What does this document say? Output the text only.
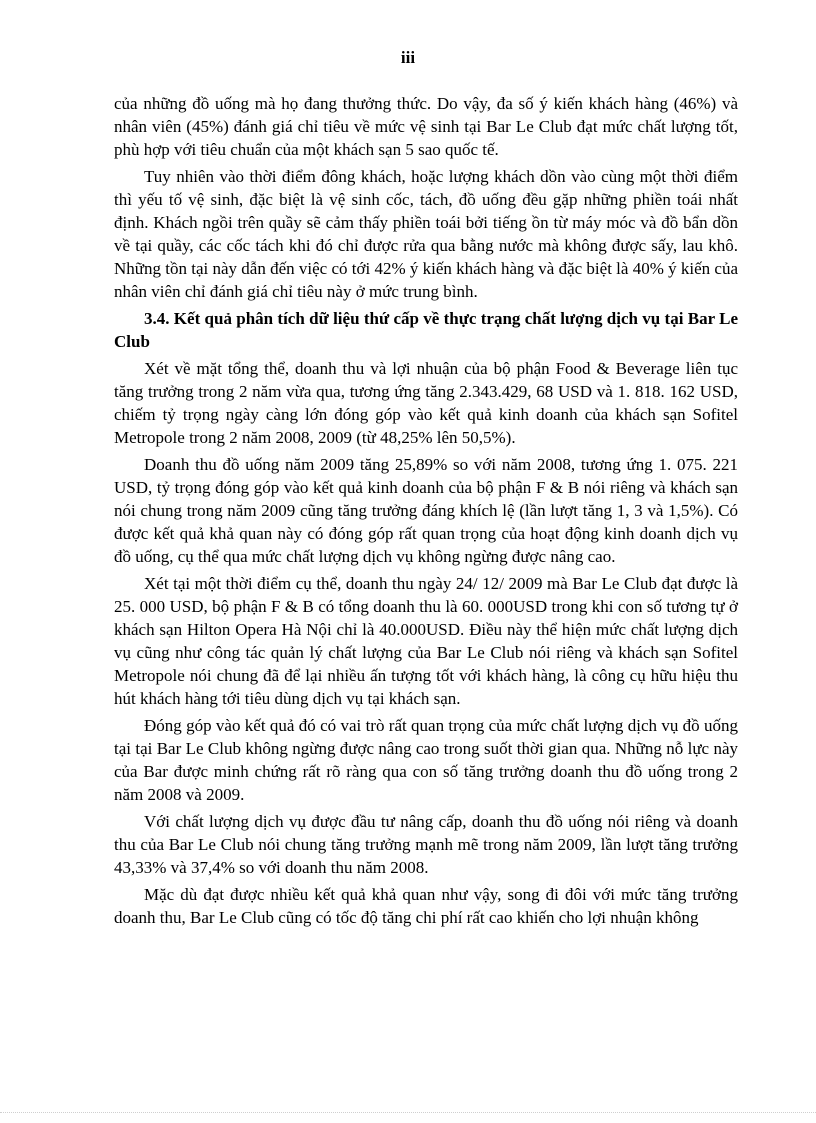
iii

của những đồ uống mà họ đang thưởng thức. Do vậy, đa số ý kiến khách hàng (46%) và nhân viên (45%) đánh giá chỉ tiêu về mức vệ sinh tại Bar Le Club đạt mức chất lượng tốt, phù hợp với tiêu chuẩn của một khách sạn 5 sao quốc tế.

Tuy nhiên vào thời điểm đông khách, hoặc lượng khách dồn vào cùng một thời điểm thì yếu tố vệ sinh, đặc biệt là vệ sinh cốc, tách, đồ uống đều gặp những phiền toái nhất định. Khách ngồi trên quầy sẽ cảm thấy phiền toái bởi tiếng ồn từ máy móc và đồ bẩn dồn về tại quầy, các cốc tách khi đó chỉ được rửa qua bằng nước mà không được sấy, lau khô. Những tồn tại này dẫn đến việc có tới 42% ý kiến khách hàng và đặc biệt là 40% ý kiến của nhân viên chỉ đánh giá chỉ tiêu này ở mức trung bình.

3.4. Kết quả phân tích dữ liệu thứ cấp về thực trạng chất lượng dịch vụ tại Bar Le Club

Xét về mặt tổng thể, doanh thu và lợi nhuận của bộ phận Food & Beverage liên tục tăng trưởng trong 2 năm vừa qua, tương ứng tăng 2.343.429, 68 USD và 1. 818. 162 USD, chiếm tỷ trọng ngày càng lớn đóng góp vào kết quả kinh doanh của khách sạn Sofitel Metropole trong 2 năm 2008, 2009 (từ 48,25% lên 50,5%).

Doanh thu đồ uống năm 2009 tăng 25,89% so với năm 2008, tương ứng 1. 075. 221 USD, tỷ trọng đóng góp vào kết quả kinh doanh của bộ phận F & B nói riêng và khách sạn nói chung trong năm 2009 cũng tăng trưởng đáng khích lệ (lần lượt tăng 1, 3 và 1,5%). Có được kết quả khả quan này có đóng góp rất quan trọng của hoạt động kinh doanh dịch vụ đồ uống, cụ thể qua mức chất lượng dịch vụ không ngừng được nâng cao.

Xét tại một thời điểm cụ thể, doanh thu ngày 24/ 12/ 2009 mà Bar Le Club đạt được là 25. 000 USD, bộ phận F & B có tổng doanh thu là 60. 000USD trong khi con số tương tự ở khách sạn Hilton Opera Hà Nội chỉ là 40.000USD. Điều này thể hiện mức chất lượng dịch vụ cũng như công tác quản lý chất lượng của Bar Le Club nói riêng và khách sạn Sofitel Metropole nói chung đã để lại nhiều ấn tượng tốt với khách hàng, là công cụ hữu hiệu thu hút khách hàng tới tiêu dùng dịch vụ tại khách sạn.

Đóng góp vào kết quả đó có vai trò rất quan trọng của mức chất lượng dịch vụ đồ uống tại tại Bar Le Club không ngừng được nâng cao trong suốt thời gian qua. Những nỗ lực này của Bar được minh chứng rất rõ ràng qua con số tăng trưởng doanh thu đồ uống trong 2 năm 2008 và 2009.

Với chất lượng dịch vụ được đầu tư nâng cấp, doanh thu đồ uống nói riêng và doanh thu của Bar Le Club nói chung tăng trưởng mạnh mẽ trong năm 2009, lần lượt tăng trưởng 43,33% và 37,4% so với doanh thu năm 2008.

Mặc dù đạt được nhiều kết quả khả quan như vậy, song đi đôi với mức tăng trưởng doanh thu, Bar Le Club cũng có tốc độ tăng chi phí rất cao khiến cho lợi nhuận không
